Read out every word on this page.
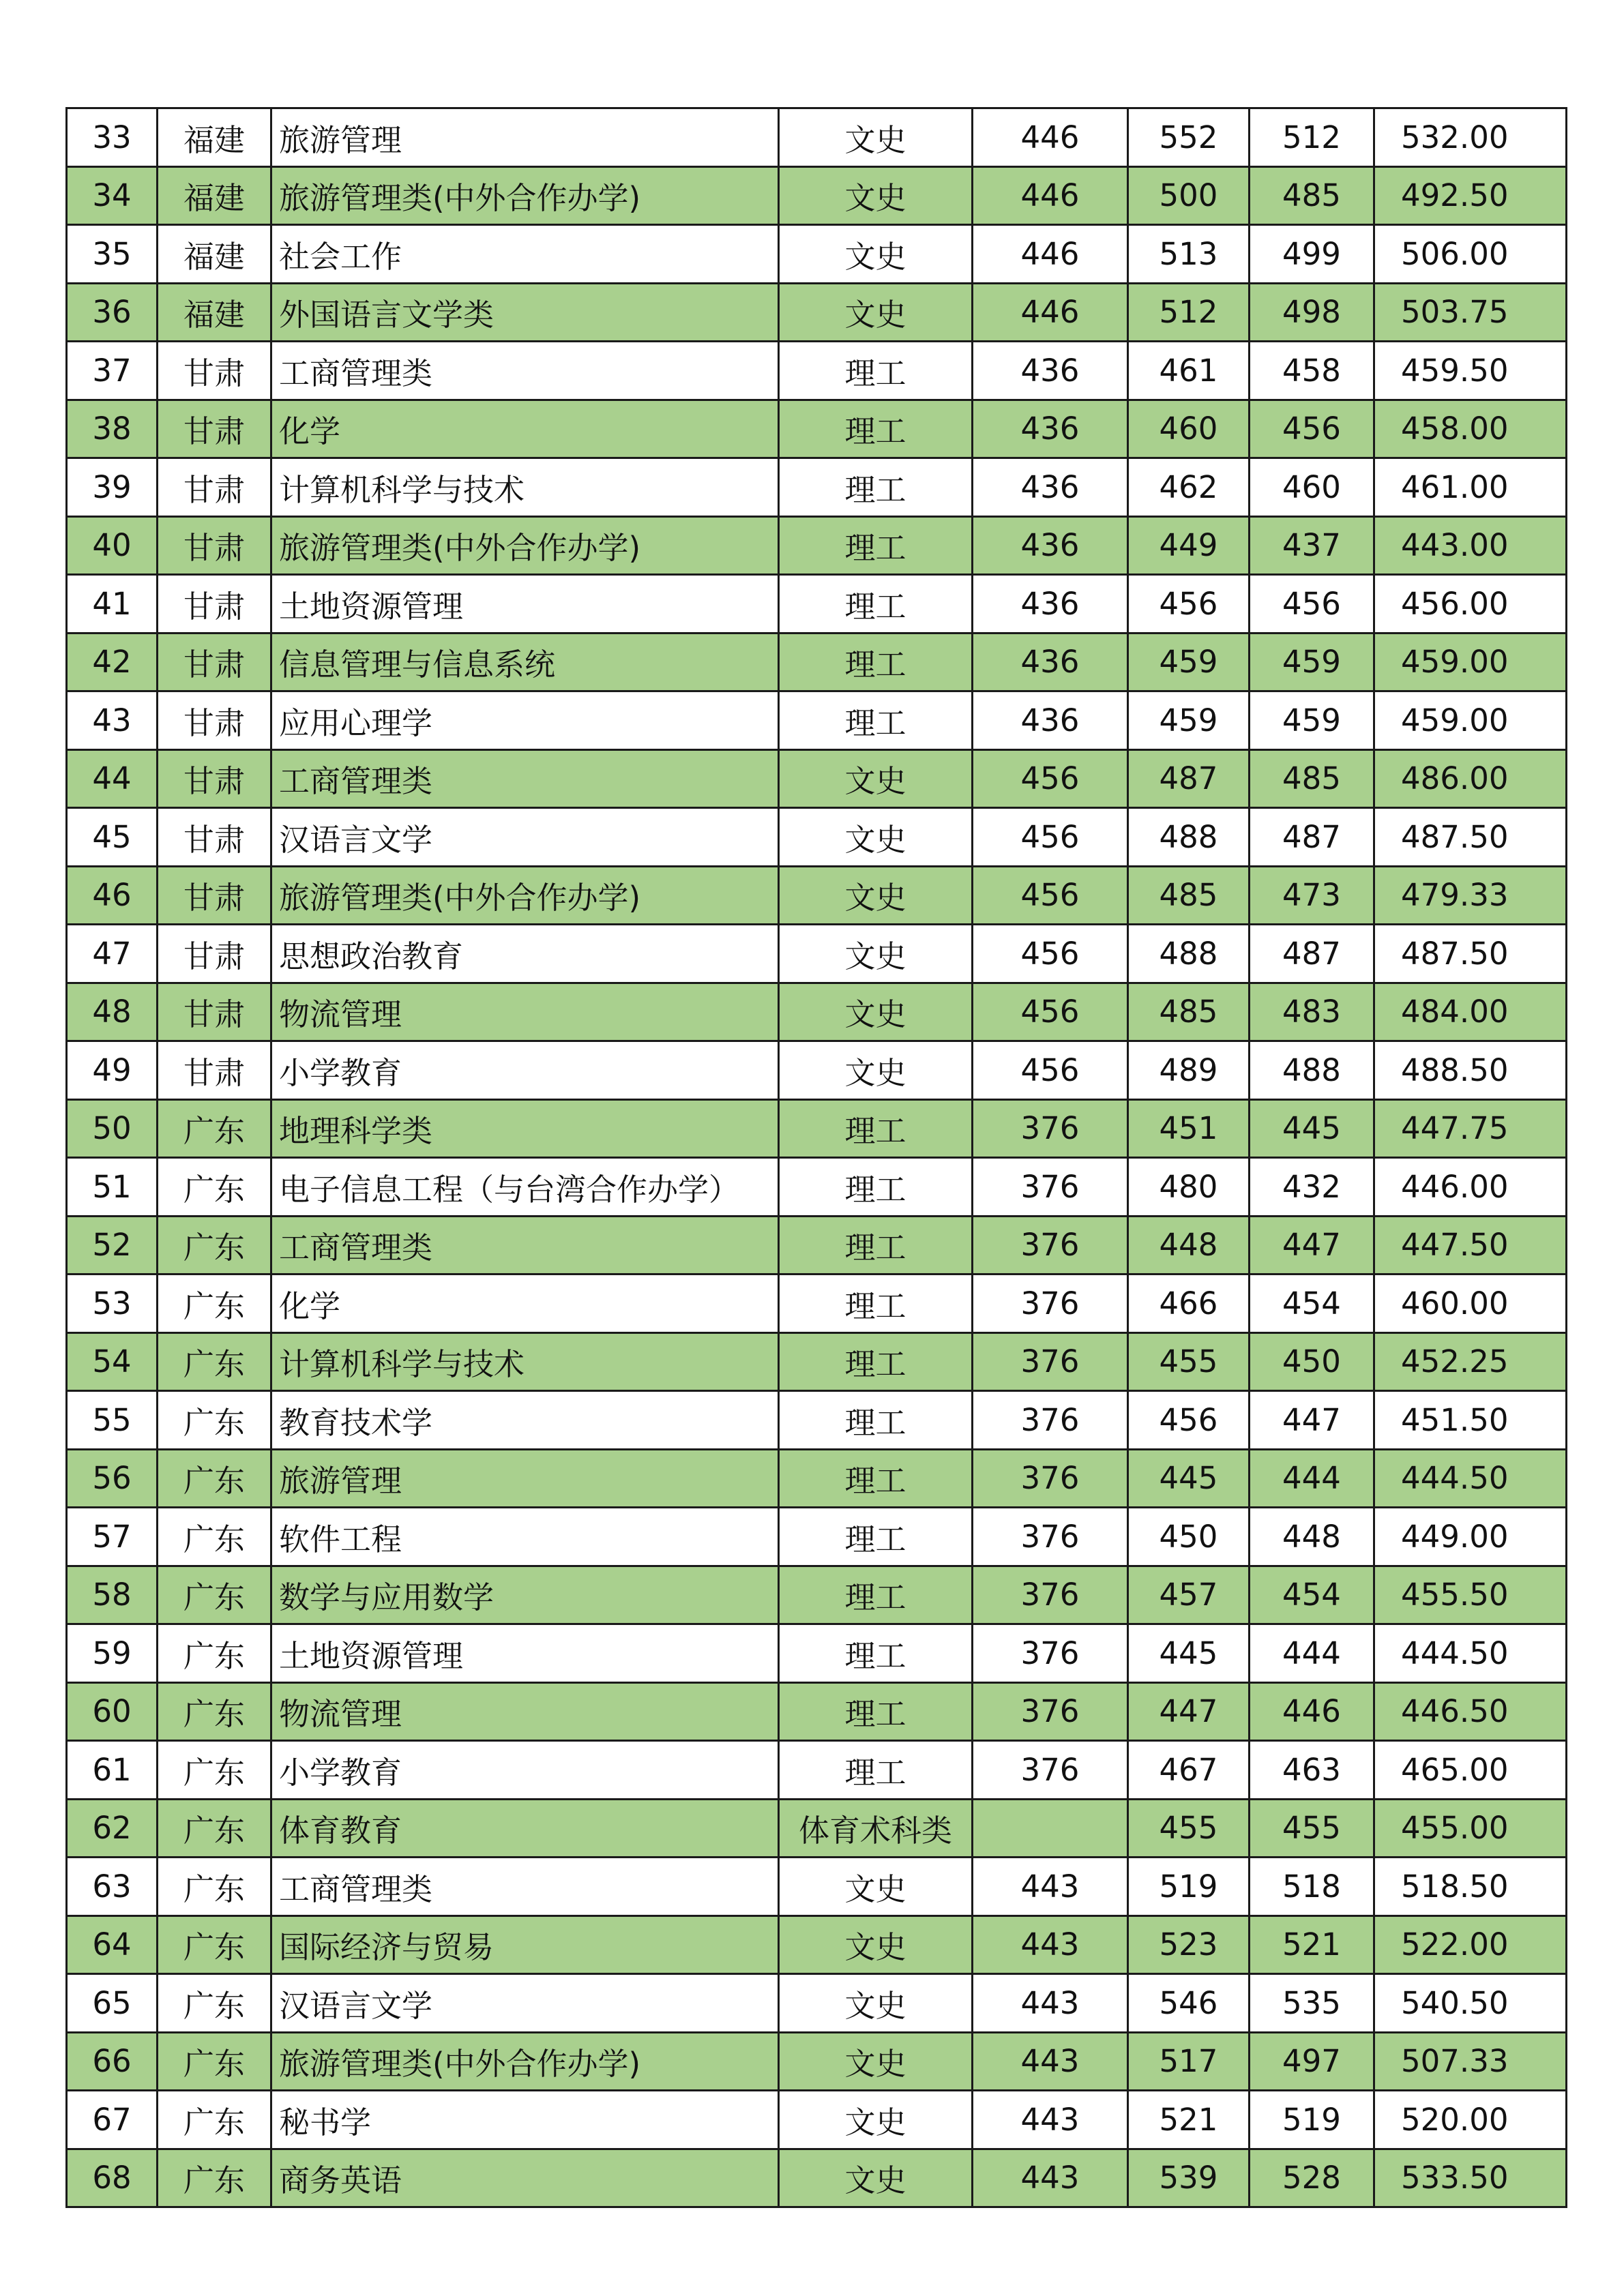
33	福建	旅游管理	文史	446	552	512	532.00
34	福建	旅游管理类(中外合作办学)	文史	446	500	485	492.50
35	福建	社会工作	文史	446	513	499	506.00
36	福建	外国语言文学类	文史	446	512	498	503.75
37	甘肃	工商管理类	理工	436	461	458	459.50
38	甘肃	化学	理工	436	460	456	458.00
39	甘肃	计算机科学与技术	理工	436	462	460	461.00
40	甘肃	旅游管理类(中外合作办学)	理工	436	449	437	443.00
41	甘肃	土地资源管理	理工	436	456	456	456.00
42	甘肃	信息管理与信息系统	理工	436	459	459	459.00
43	甘肃	应用心理学	理工	436	459	459	459.00
44	甘肃	工商管理类	文史	456	487	485	486.00
45	甘肃	汉语言文学	文史	456	488	487	487.50
46	甘肃	旅游管理类(中外合作办学)	文史	456	485	473	479.33
47	甘肃	思想政治教育	文史	456	488	487	487.50
48	甘肃	物流管理	文史	456	485	483	484.00
49	甘肃	小学教育	文史	456	489	488	488.50
50	广东	地理科学类	理工	376	451	445	447.75
51	广东	电子信息工程（与台湾合作办学）	理工	376	480	432	446.00
52	广东	工商管理类	理工	376	448	447	447.50
53	广东	化学	理工	376	466	454	460.00
54	广东	计算机科学与技术	理工	376	455	450	452.25
55	广东	教育技术学	理工	376	456	447	451.50
56	广东	旅游管理	理工	376	445	444	444.50
57	广东	软件工程	理工	376	450	448	449.00
58	广东	数学与应用数学	理工	376	457	454	455.50
59	广东	土地资源管理	理工	376	445	444	444.50
60	广东	物流管理	理工	376	447	446	446.50
61	广东	小学教育	理工	376	467	463	465.00
62	广东	体育教育	体育术科类		455	455	455.00
63	广东	工商管理类	文史	443	519	518	518.50
64	广东	国际经济与贸易	文史	443	523	521	522.00
65	广东	汉语言文学	文史	443	546	535	540.50
66	广东	旅游管理类(中外合作办学)	文史	443	517	497	507.33
67	广东	秘书学	文史	443	521	519	520.00
68	广东	商务英语	文史	443	539	528	533.50
